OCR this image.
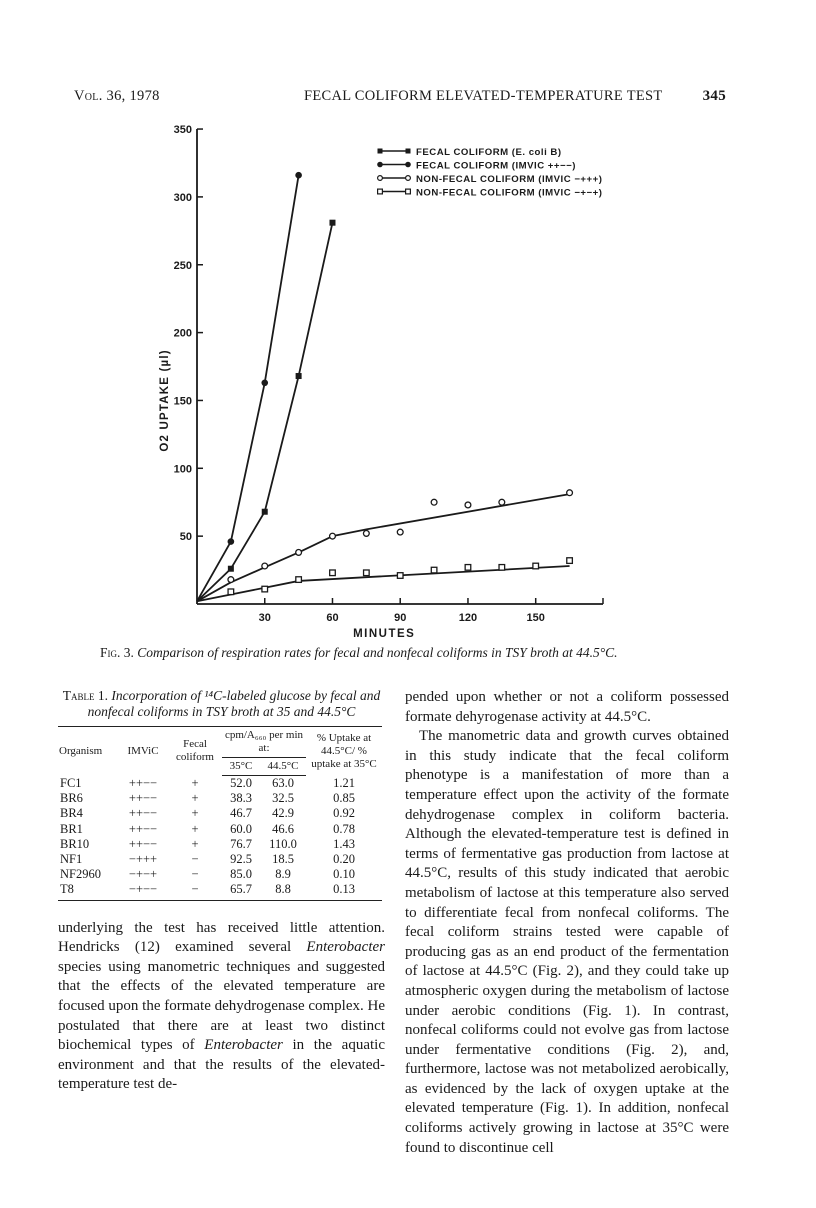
Vol. 36, 1978	FECAL COLIFORM ELEVATED-TEMPERATURE TEST	345
50
100
150
200
250
300
350
30	60	90	120	150
MINUTES
O2 UPTAKE (µl)
FECAL COLIFORM (E. coli B)
FECAL COLIFORM (IMVIC ++−−)
NON-FECAL COLIFORM (IMVIC −+++)
NON-FECAL COLIFORM (IMVIC −+−+)
Fig. 3. Comparison of respiration rates for fecal and nonfecal coliforms in TSY broth at 44.5°C.
Table 1. Incorporation of ¹⁴C-labeled glucose by fecal and nonfecal coliforms in TSY broth at 35 and 44.5°C
Organism	IMViC	Fecal coliform	cpm/A₆₆₀ per min at:		% Uptake at 44.5°C/ % uptake at 35°C
			35°C	44.5°C	
FC1	++−−	+	52.0	63.0	1.21
BR6	++−−	+	38.3	32.5	0.85
BR4	++−−	+	46.7	42.9	0.92
BR1	++−−	+	60.0	46.6	0.78
BR10	++−−	+	76.7	110.0	1.43
NF1	−+++	−	92.5	18.5	0.20
NF2960	−+−+	−	85.0	8.9	0.10
T8	−+−−	−	65.7	8.8	0.13

underlying the test has received little attention. Hendricks (12) examined several Enterobacter species using manometric techniques and suggested that the effects of the elevated temperature are focused upon the formate dehydrogenase complex. He postulated that there are at least two distinct biochemical types of Enterobacter in the aquatic environment and that the results of the elevated-temperature test de-

pended upon whether or not a coliform possessed formate dehyrogenase activity at 44.5°C.

The manometric data and growth curves obtained in this study indicate that the fecal coliform phenotype is a manifestation of more than a temperature effect upon the activity of the formate dehydrogenase complex in coliform bacteria. Although the elevated-temperature test is defined in terms of fermentative gas production from lactose at 44.5°C, results of this study indicated that aerobic metabolism of lactose at this temperature also served to differentiate fecal from nonfecal coliforms. The fecal coliform strains tested were capable of producing gas as an end product of the fermentation of lactose at 44.5°C (Fig. 2), and they could take up atmospheric oxygen during the metabolism of lactose under aerobic conditions (Fig. 1). In contrast, nonfecal coliforms could not evolve gas from lactose under fermentative conditions (Fig. 2), and, furthermore, lactose was not metabolized aerobically, as evidenced by the lack of oxygen uptake at the elevated temperature (Fig. 1). In addition, nonfecal coliforms actively growing in lactose at 35°C were found to discontinue cell
